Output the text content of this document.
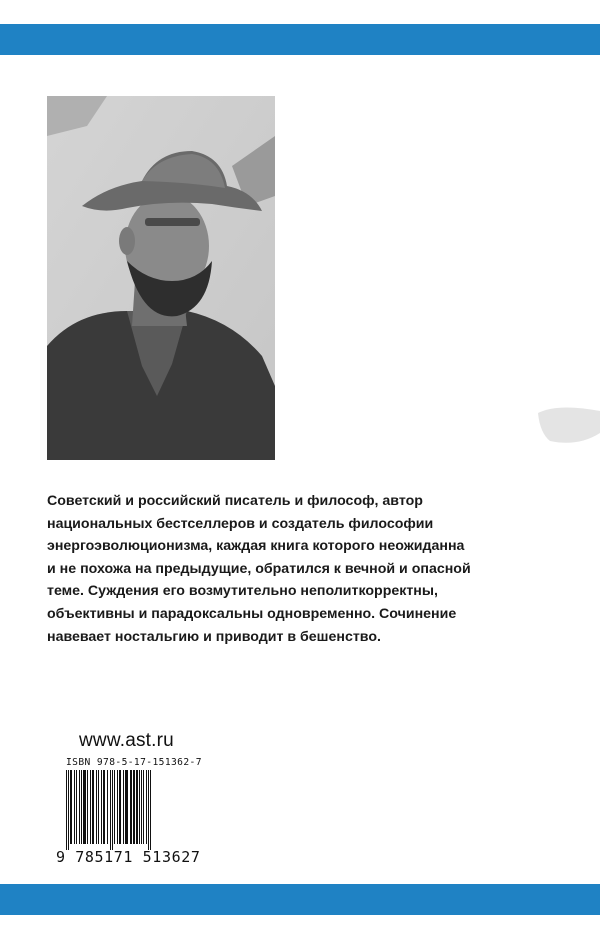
Советский и российский писатель и философ, автор
национальных бестселлеров и создатель философии
энергоэволюционизма, каждая книга которого неожиданна
и не похожа на предыдущие, обратился к вечной и опасной
теме. Суждения его возмутительно неполиткорректны,
объективны и парадоксальны одновременно. Сочинение
навевает ностальгию и приводит в бешенство.
www.ast.ru
ISBN 978-5-17-151362-7
9 785171 513627
